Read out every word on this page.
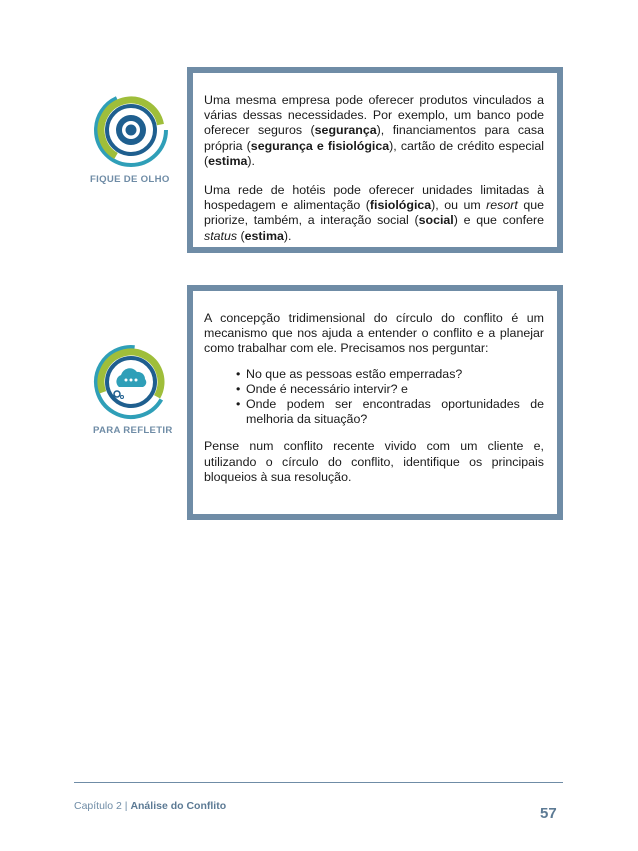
FIQUE DE OLHO

Uma mesma empresa pode oferecer produtos vinculados a várias dessas necessidades. Por exemplo, um banco pode oferecer seguros (segurança), financiamentos para casa própria (segurança e fisiológica), cartão de crédito especial (estima).

Uma rede de hotéis pode oferecer unidades limitadas à hospedagem e alimentação (fisiológica), ou um resort que priorize, também, a interação social (social) e que confere status (estima).

PARA REFLETIR

A concepção tridimensional do círculo do conflito é um mecanismo que nos ajuda a entender o conflito e a planejar como trabalhar com ele. Precisamos nos perguntar:

• No que as pessoas estão emperradas?
• Onde é necessário intervir? e
• Onde podem ser encontradas oportunidades de melhoria da situação?

Pense num conflito recente vivido com um cliente e, utilizando o círculo do conflito, identifique os principais bloqueios à sua resolução.

Capítulo 2 | Análise do Conflito	57
